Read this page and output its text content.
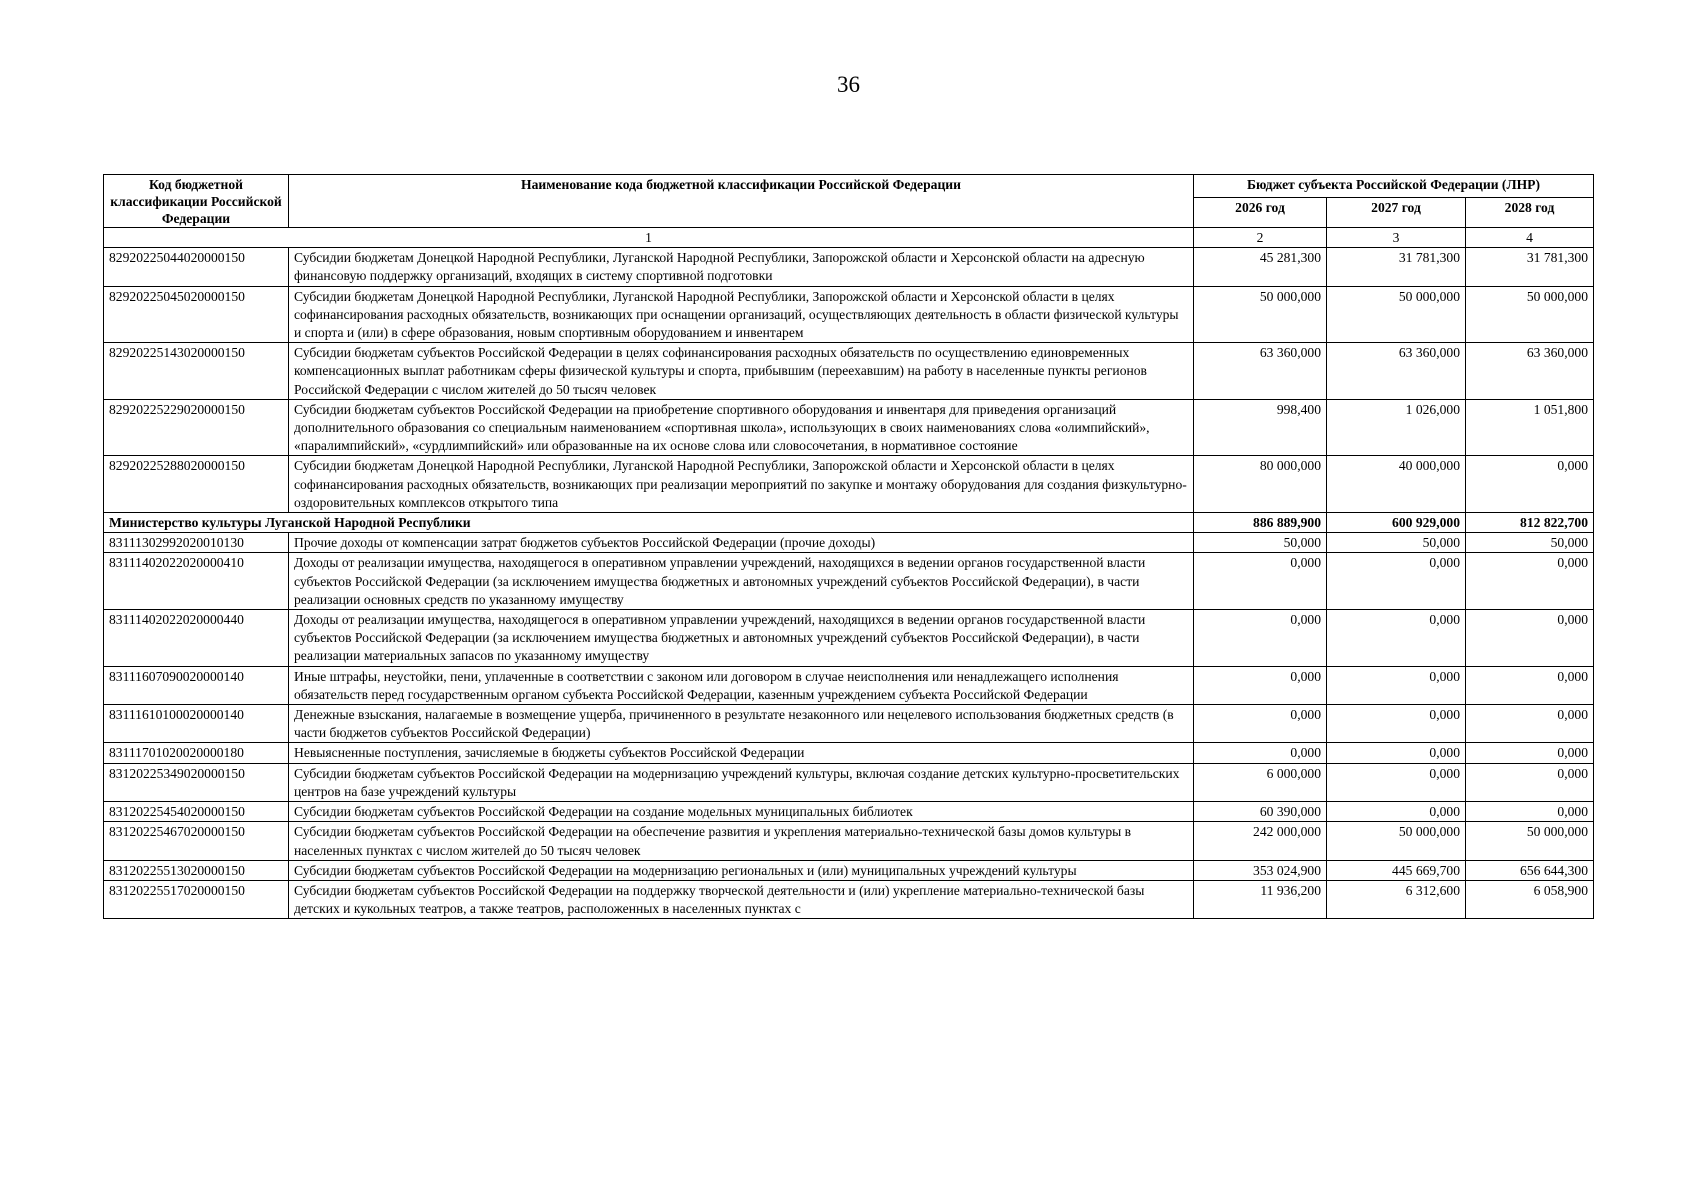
36
Код бюджетной классификации Российской Федерации	Наименование кода бюджетной классификации Российской Федерации	Бюджет субъекта Российской Федерации (ЛНР)		
		2026 год	2027 год	2028 год
1		2	3	4
82920225044020000150	Субсидии бюджетам Донецкой Народной Республики, Луганской Народной Республики, Запорожской области и Херсонской области на адресную финансовую поддержку организаций, входящих в систему спортивной подготовки	45 281,300	31 781,300	31 781,300
82920225045020000150	Субсидии бюджетам Донецкой Народной Республики, Луганской Народной Республики, Запорожской области и Херсонской области в целях софинансирования расходных обязательств, возникающих при оснащении организаций, осуществляющих деятельность в области физической культуры и спорта и (или) в сфере образования, новым спортивным оборудованием и инвентарем	50 000,000	50 000,000	50 000,000
82920225143020000150	Субсидии бюджетам субъектов Российской Федерации в целях софинансирования расходных обязательств по осуществлению единовременных компенсационных выплат работникам сферы физической культуры и спорта, прибывшим (переехавшим) на работу в населенные пункты регионов Российской Федерации с числом жителей до 50 тысяч человек	63 360,000	63 360,000	63 360,000
82920225229020000150	Субсидии бюджетам субъектов Российской Федерации на приобретение спортивного оборудования и инвентаря для приведения организаций дополнительного образования со специальным наименованием «спортивная школа», использующих в своих наименованиях слова «олимпийский», «паралимпийский», «сурдлимпийский» или образованные на их основе слова или словосочетания, в нормативное состояние	998,400	1 026,000	1 051,800
82920225288020000150	Субсидии бюджетам Донецкой Народной Республики, Луганской Народной Республики, Запорожской области и Херсонской области в целях софинансирования расходных обязательств, возникающих при реализации мероприятий по закупке и монтажу оборудования для создания физкультурно-оздоровительных комплексов открытого типа	80 000,000	40 000,000	0,000
Министерство культуры Луганской Народной Республики		886 889,900	600 929,000	812 822,700
83111302992020010130	Прочие доходы от компенсации затрат бюджетов субъектов Российской Федерации (прочие доходы)	50,000	50,000	50,000
83111402022020000410	Доходы от реализации имущества, находящегося в оперативном управлении учреждений, находящихся в ведении органов государственной власти субъектов Российской Федерации (за исключением имущества бюджетных и автономных учреждений субъектов Российской Федерации), в части реализации основных средств по указанному имуществу	0,000	0,000	0,000
83111402022020000440	Доходы от реализации имущества, находящегося в оперативном управлении учреждений, находящихся в ведении органов государственной власти субъектов Российской Федерации (за исключением имущества бюджетных и автономных учреждений субъектов Российской Федерации), в части реализации материальных запасов по указанному имуществу	0,000	0,000	0,000
83111607090020000140	Иные штрафы, неустойки, пени, уплаченные в соответствии с законом или договором в случае неисполнения или ненадлежащего исполнения обязательств перед государственным органом субъекта Российской Федерации, казенным учреждением субъекта Российской Федерации	0,000	0,000	0,000
83111610100020000140	Денежные взыскания, налагаемые в возмещение ущерба, причиненного в результате незаконного или нецелевого использования бюджетных средств (в части бюджетов субъектов Российской Федерации)	0,000	0,000	0,000
83111701020020000180	Невыясненные поступления, зачисляемые в бюджеты субъектов Российской Федерации	0,000	0,000	0,000
83120225349020000150	Субсидии бюджетам субъектов Российской Федерации на модернизацию учреждений культуры, включая создание детских культурно-просветительских центров на базе учреждений культуры	6 000,000	0,000	0,000
83120225454020000150	Субсидии бюджетам субъектов Российской Федерации на создание модельных муниципальных библиотек	60 390,000	0,000	0,000
83120225467020000150	Субсидии бюджетам субъектов Российской Федерации на обеспечение развития и укрепления материально-технической базы домов культуры в населенных пунктах с числом жителей до 50 тысяч человек	242 000,000	50 000,000	50 000,000
83120225513020000150	Субсидии бюджетам субъектов Российской Федерации на модернизацию региональных и (или) муниципальных учреждений культуры	353 024,900	445 669,700	656 644,300
83120225517020000150	Субсидии бюджетам субъектов Российской Федерации на поддержку творческой деятельности и (или) укрепление материально-технической базы детских и кукольных театров, а также театров, расположенных в населенных пунктах с	11 936,200	6 312,600	6 058,900
